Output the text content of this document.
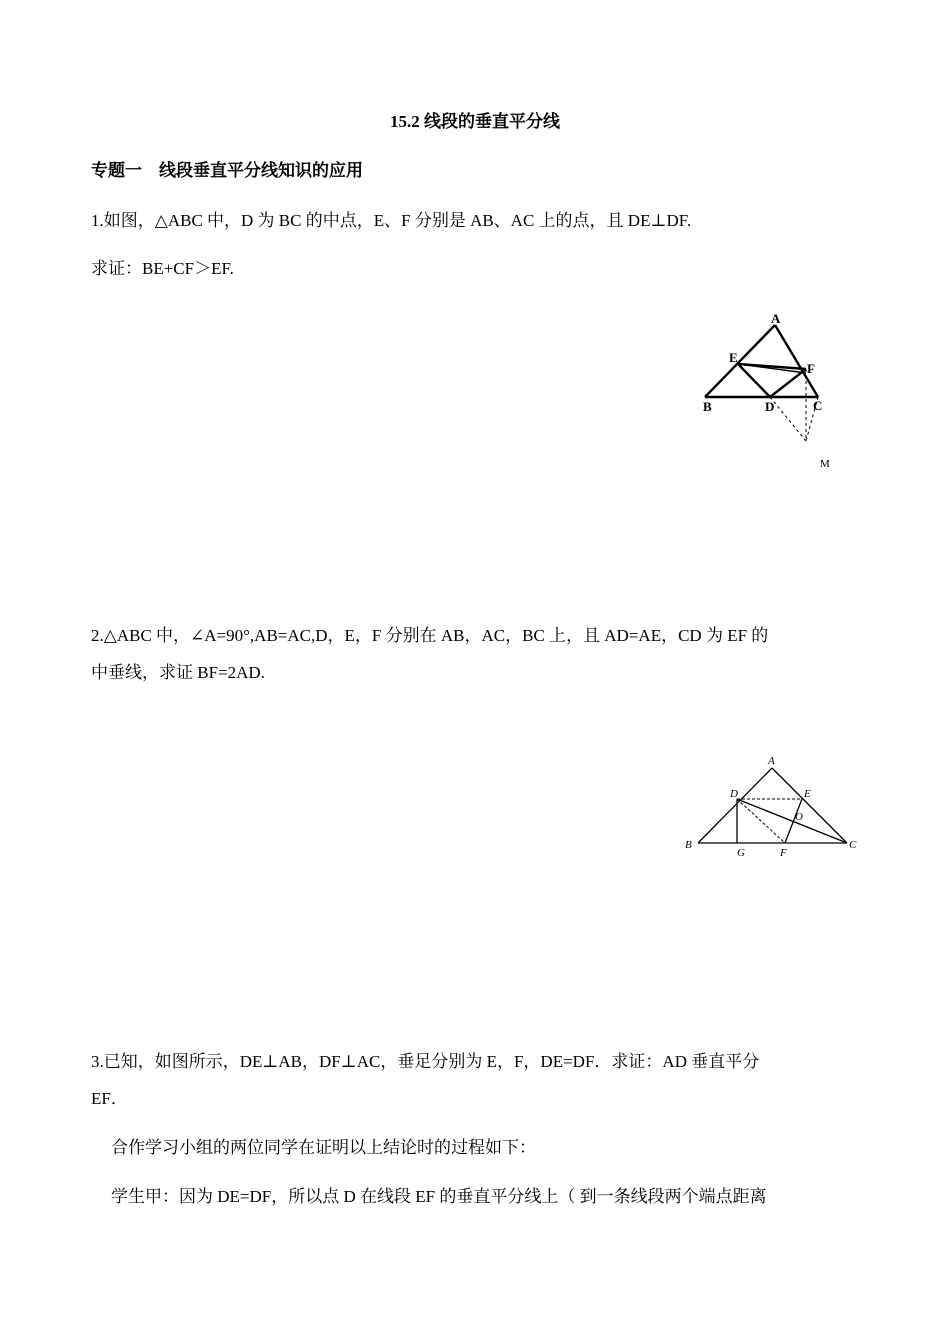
15.2 线段的垂直平分线
专题一　线段垂直平分线知识的应用
1.如图，△ABC 中，D 为 BC 的中点，E、F 分别是 AB、AC 上的点，且 DE⊥DF.
求证：BE+CF＞EF.
A
E
F
B	D	C
M
2.△ABC 中，∠A=90°,AB=AC,D，E，F 分别在 AB，AC，BC 上，且 AD=AE，CD 为 EF 的
中垂线，求证 BF=2AD.
A
D	E
O
B
G	F
C
3.已知，如图所示，DE⊥AB，DF⊥AC，垂足分别为 E，F，DE=DF．求证：AD 垂直平分
EF．
合作学习小组的两位同学在证明以上结论时的过程如下：
学生甲：因为 DE=DF，所以点 D 在线段 EF 的垂直平分线上（ 到一条线段两个端点距离
